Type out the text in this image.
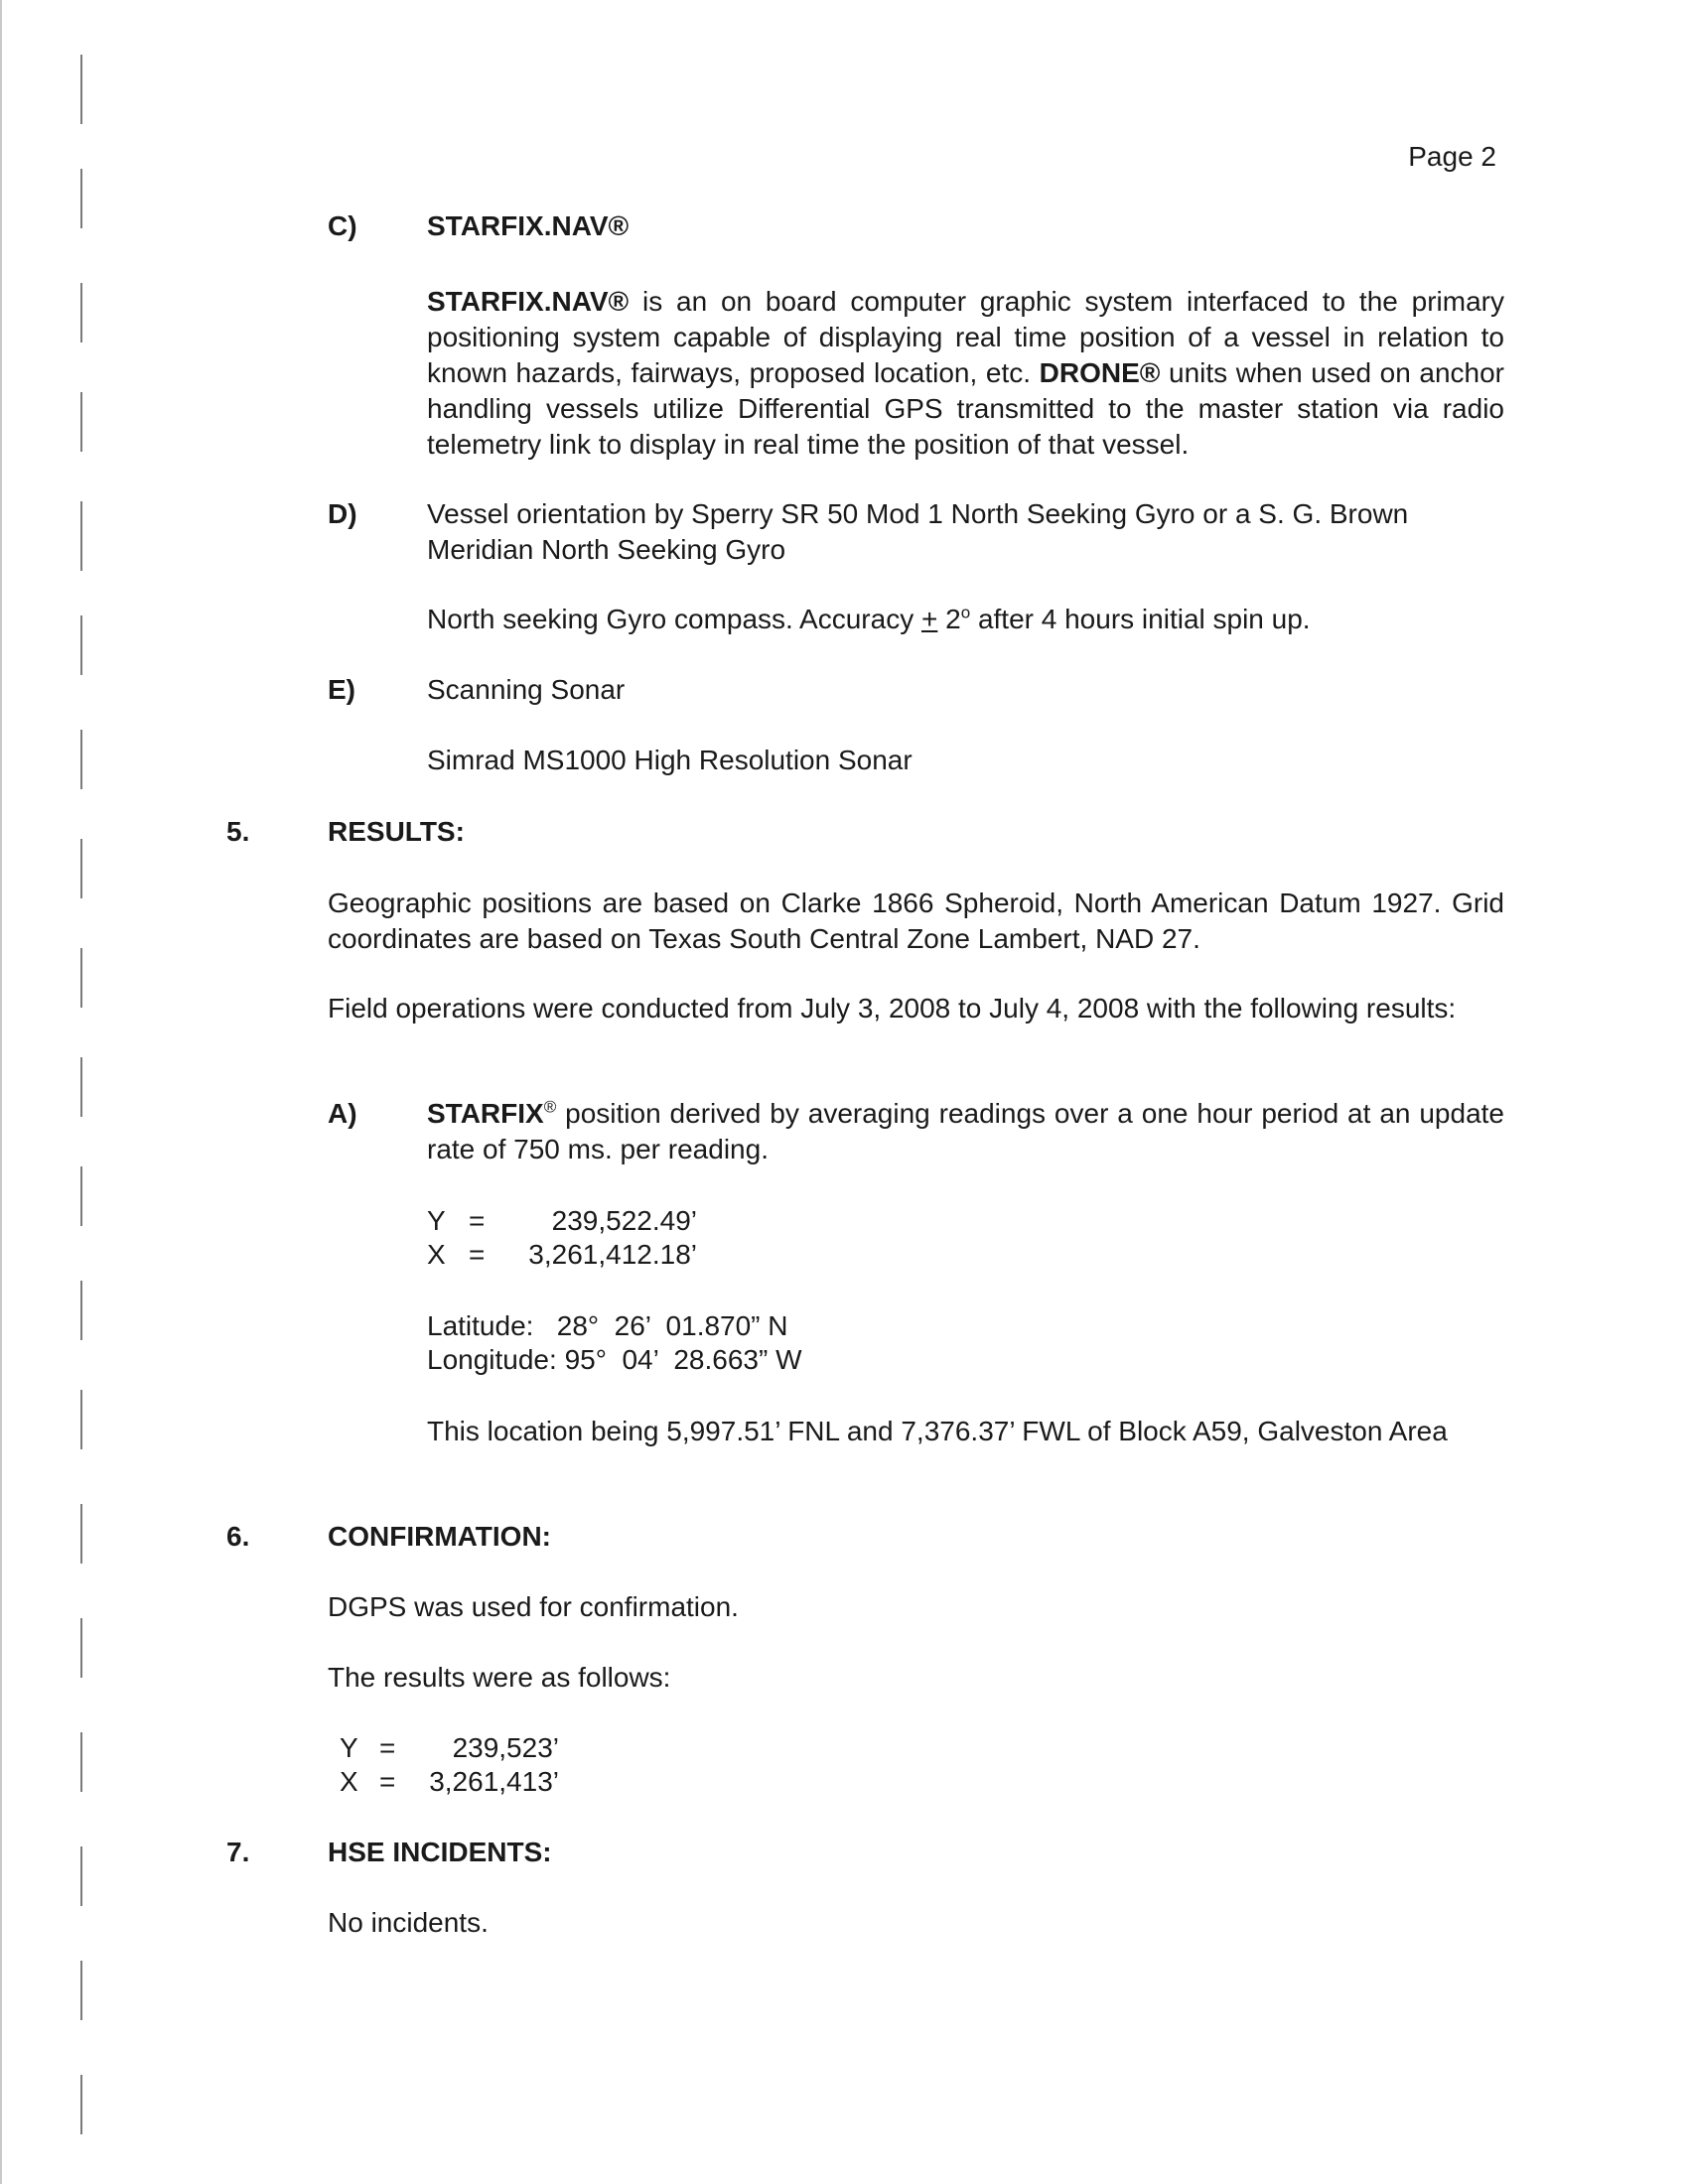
Page 2
C)	STARFIX.NAV®

STARFIX.NAV® is an on board computer graphic system interfaced to the primary positioning system capable of displaying real time position of a vessel in relation to known hazards, fairways, proposed location, etc. DRONE® units when used on anchor handling vessels utilize Differential GPS transmitted to the master station via radio telemetry link to display in real time the position of that vessel.

D)	Vessel orientation by Sperry SR 50 Mod 1 North Seeking Gyro or a S. G. Brown Meridian North Seeking Gyro

North seeking Gyro compass. Accuracy + $2^o$ after 4 hours initial spin up.

E)	Scanning Sonar
Simrad MS1000 High Resolution Sonar
5.	RESULTS:

Geographic positions are based on Clarke 1866 Spheroid, North American Datum 1927. Grid coordinates are based on Texas South Central Zone Lambert, NAD 27.

Field operations were conducted from July 3, 2008 to July 4, 2008 with the following results:

A)	STARFIX® position derived by averaging readings over a one hour period at an update rate of 750 ms. per reading.

Y = 239,522.49’
X = 3,261,412.18’
Latitude:   28°  26’  01.870” N
Longitude: 95°  04’  28.663” W

This location being 5,997.51’ FNL and 7,376.37’ FWL of Block A59, Galveston Area

6.	CONFIRMATION:
DGPS was used for confirmation.
The results were as follows:
Y = 239,523’
X = 3,261,413’
7.	HSE INCIDENTS:
No incidents.
